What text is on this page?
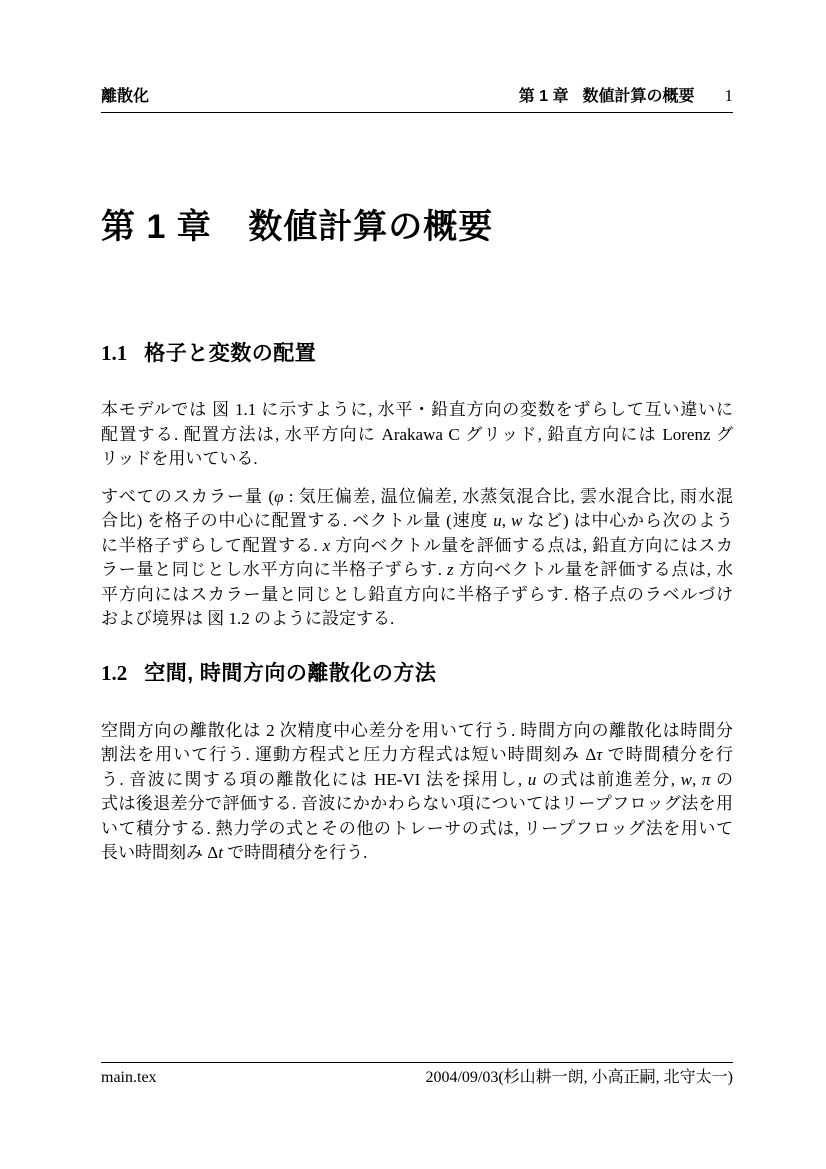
離散化	第 1 章 数値計算の概要 1
第 1 章 数値計算の概要
1.1 格子と変数の配置

本モデルでは 図 1.1 に示すように, 水平・鉛直方向の変数をずらして互い違いに
配置する. 配置方法は, 水平方向に Arakawa C グリッド, 鉛直方向には Lorenz グ
リッドを用いている.

すべてのスカラー量 (φ : 気圧偏差, 温位偏差, 水蒸気混合比, 雲水混合比, 雨水混
合比) を格子の中心に配置する. ベクトル量 (速度 u, w など) は中心から次のよう
に半格子ずらして配置する. x 方向ベクトル量を評価する点は, 鉛直方向にはスカ
ラー量と同じとし水平方向に半格子ずらす. z 方向ベクトル量を評価する点は, 水
平方向にはスカラー量と同じとし鉛直方向に半格子ずらす. 格子点のラベルづけ
および境界は 図 1.2 のように設定する.

1.2 空間, 時間方向の離散化の方法

空間方向の離散化は 2 次精度中心差分を用いて行う. 時間方向の離散化は時間分
割法を用いて行う. 運動方程式と圧力方程式は短い時間刻み Δτ で時間積分を行
う. 音波に関する項の離散化には HE-VI 法を採用し, u の式は前進差分, w, π の
式は後退差分で評価する. 音波にかかわらない項についてはリープフロッグ法を用
いて積分する. 熱力学の式とその他のトレーサの式は, リープフロッグ法を用いて
長い時間刻み Δt で時間積分を行う.

main.tex	2004/09/03(杉山耕一朗, 小高正嗣, 北守太一)
